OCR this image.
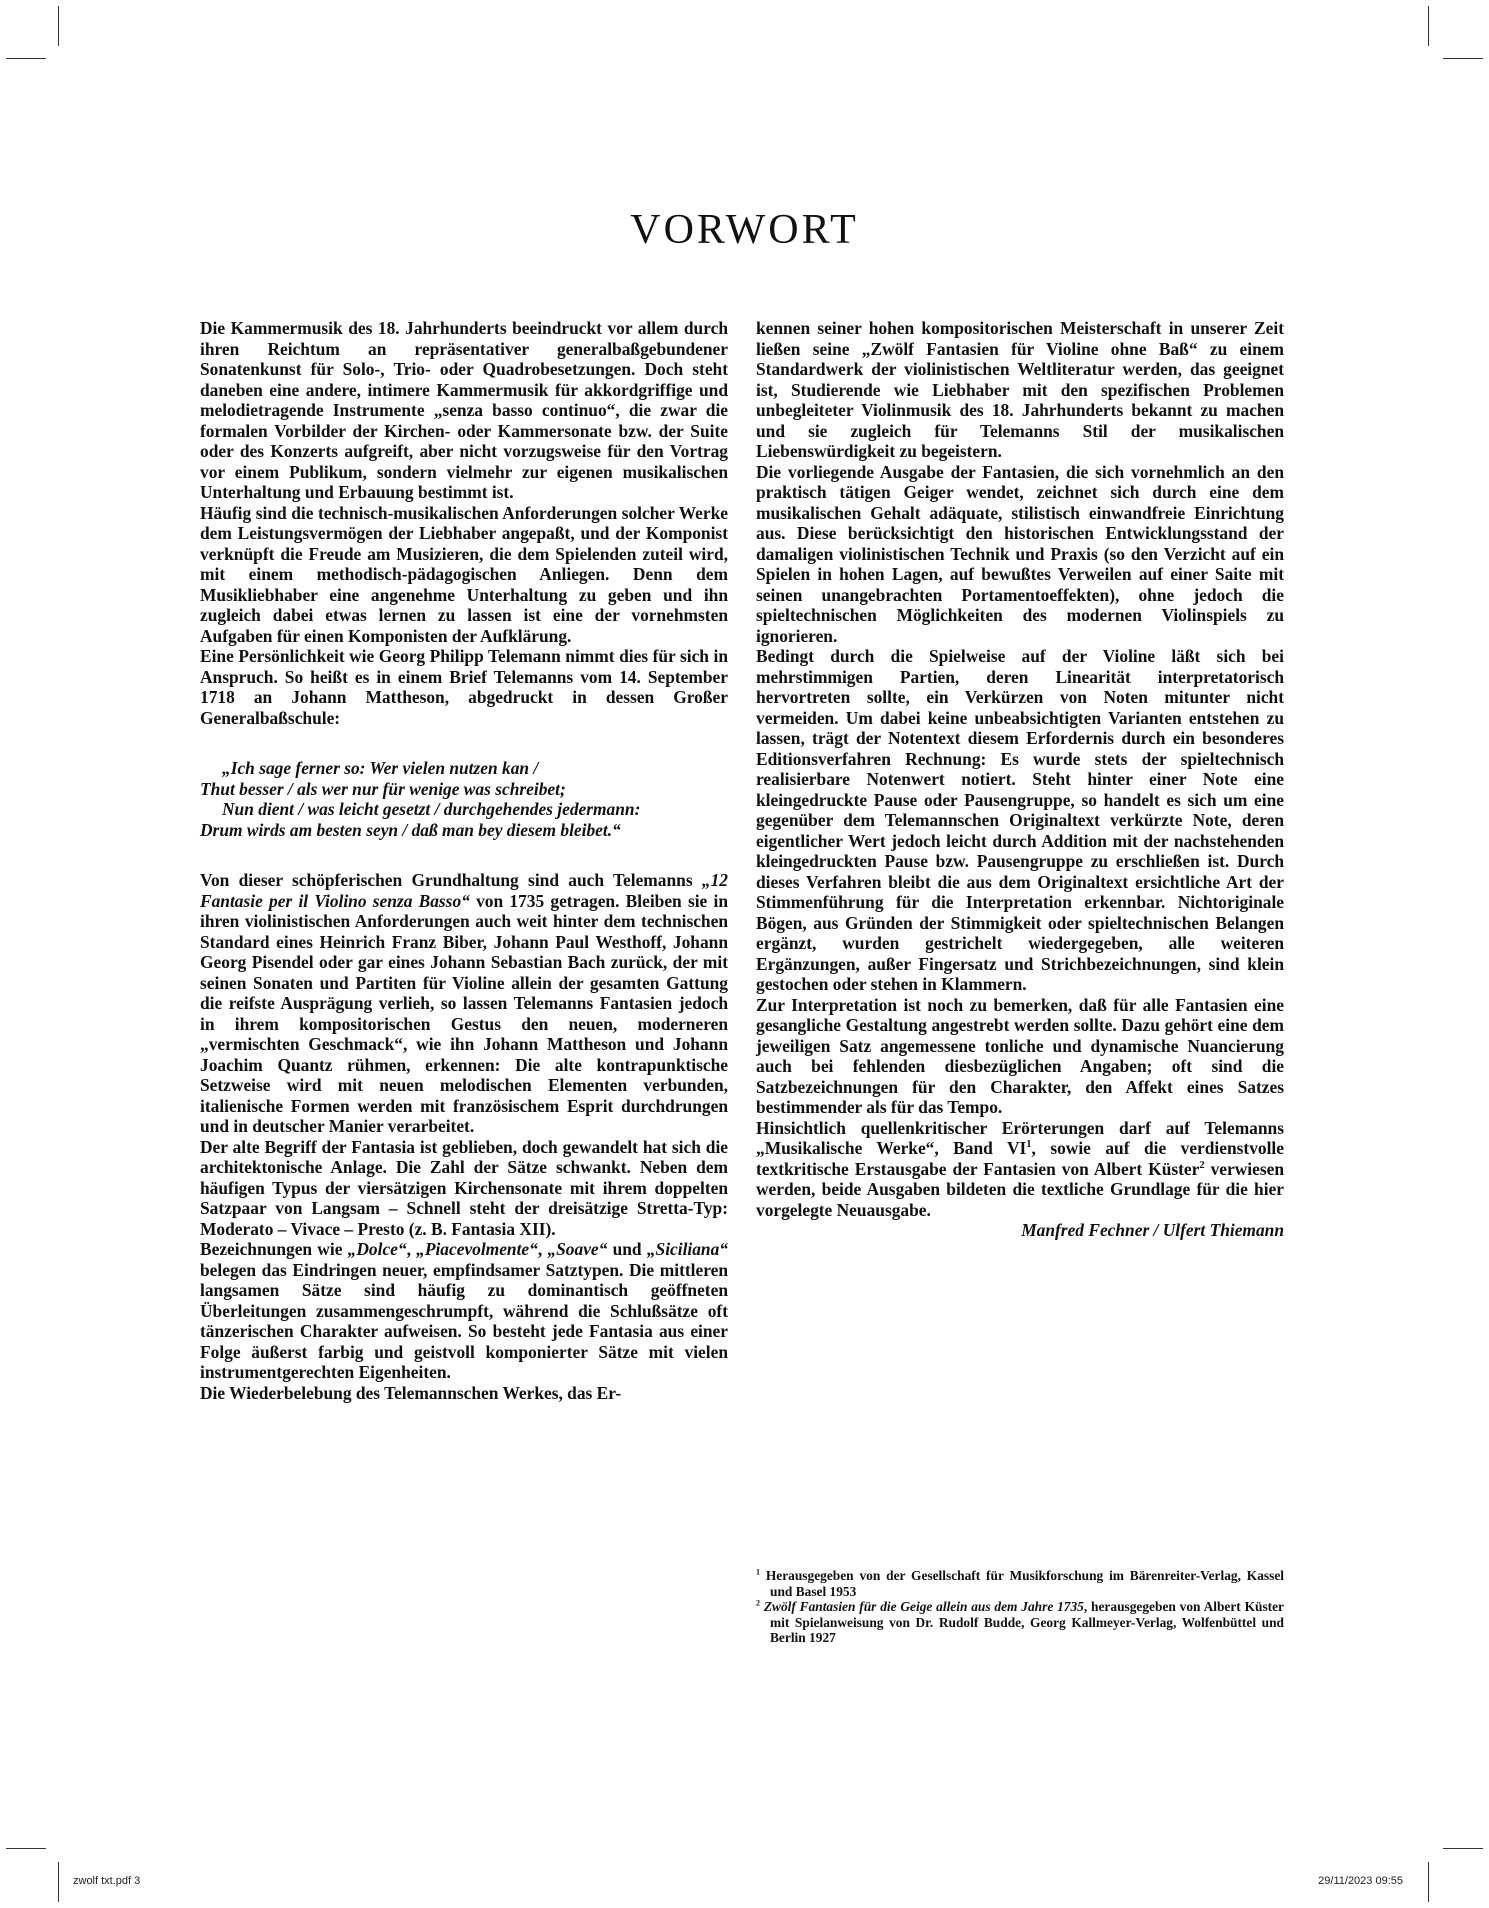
VORWORT

Die Kammermusik des 18. Jahrhunderts beeindruckt vor allem durch ihren Reichtum an repräsentativer generalbaßgebundener Sonatenkunst für Solo-, Trio- oder Quadrobesetzungen. Doch steht daneben eine andere, intimere Kammermusik für akkordgriffige und melodietragende Instrumente „senza basso continuo“, die zwar die formalen Vorbilder der Kirchen- oder Kammersonate bzw. der Suite oder des Konzerts aufgreift, aber nicht vorzugsweise für den Vortrag vor einem Publikum, sondern vielmehr zur eigenen musikalischen Unterhaltung und Erbauung bestimmt ist.

Häufig sind die technisch-musikalischen Anforderungen solcher Werke dem Leistungsvermögen der Liebhaber angepaßt, und der Komponist verknüpft die Freude am Musizieren, die dem Spielenden zuteil wird, mit einem methodisch-pädagogischen Anliegen. Denn dem Musikliebhaber eine angenehme Unterhaltung zu geben und ihn zugleich dabei etwas lernen zu lassen ist eine der vornehmsten Aufgaben für einen Komponisten der Aufklärung.

Eine Persönlichkeit wie Georg Philipp Telemann nimmt dies für sich in Anspruch. So heißt es in einem Brief Telemanns vom 14. September 1718 an Johann Mattheson, abgedruckt in dessen Großer Generalbaßschule:

„Ich sage ferner so: Wer vielen nutzen kan /
Thut besser / als wer nur für wenige was schreibet;
Nun dient / was leicht gesetzt / durchgehendes jedermann:
Drum wirds am besten seyn / daß man bey diesem bleibet.“

Von dieser schöpferischen Grundhaltung sind auch Telemanns „12 Fantasie per il Violino senza Basso“ von 1735 getragen. Bleiben sie in ihren violinistischen Anforderungen auch weit hinter dem technischen Standard eines Heinrich Franz Biber, Johann Paul Westhoff, Johann Georg Pisendel oder gar eines Johann Sebastian Bach zurück, der mit seinen Sonaten und Partiten für Violine allein der gesamten Gattung die reifste Ausprägung verlieh, so lassen Telemanns Fantasien jedoch in ihrem kompositorischen Gestus den neuen, moderneren „vermischten Geschmack“, wie ihn Johann Mattheson und Johann Joachim Quantz rühmen, erkennen: Die alte kontrapunktische Setzweise wird mit neuen melodischen Elementen verbunden, italienische Formen werden mit französischem Esprit durchdrungen und in deutscher Manier verarbeitet.

Der alte Begriff der Fantasia ist geblieben, doch gewandelt hat sich die architektonische Anlage. Die Zahl der Sätze schwankt. Neben dem häufigen Typus der viersätzigen Kirchensonate mit ihrem doppelten Satzpaar von Langsam – Schnell steht der dreisätzige Stretta-Typ: Moderato – Vivace – Presto (z. B. Fantasia XII).

Bezeichnungen wie „Dolce“, „Piacevolmente“, „Soave“ und „Siciliana“ belegen das Eindringen neuer, empfindsamer Satztypen. Die mittleren langsamen Sätze sind häufig zu dominantisch geöffneten Überleitungen zusammengeschrumpft, während die Schlußsätze oft tänzerischen Charakter aufweisen. So besteht jede Fantasia aus einer Folge äußerst farbig und geistvoll komponierter Sätze mit vielen instrumentgerechten Eigenheiten.

Die Wiederbelebung des Telemannschen Werkes, das Er-

kennen seiner hohen kompositorischen Meisterschaft in unserer Zeit ließen seine „Zwölf Fantasien für Violine ohne Baß“ zu einem Standardwerk der violinistischen Weltliteratur werden, das geeignet ist, Studierende wie Liebhaber mit den spezifischen Problemen unbegleiteter Violinmusik des 18. Jahrhunderts bekannt zu machen und sie zugleich für Telemanns Stil der musikalischen Liebenswürdigkeit zu begeistern.

Die vorliegende Ausgabe der Fantasien, die sich vornehmlich an den praktisch tätigen Geiger wendet, zeichnet sich durch eine dem musikalischen Gehalt adäquate, stilistisch einwandfreie Einrichtung aus. Diese berücksichtigt den historischen Entwicklungsstand der damaligen violinistischen Technik und Praxis (so den Verzicht auf ein Spielen in hohen Lagen, auf bewußtes Verweilen auf einer Saite mit seinen unangebrachten Portamentoeffekten), ohne jedoch die spieltechnischen Möglichkeiten des modernen Violinspiels zu ignorieren.

Bedingt durch die Spielweise auf der Violine läßt sich bei mehrstimmigen Partien, deren Linearität interpretatorisch hervortreten sollte, ein Verkürzen von Noten mitunter nicht vermeiden. Um dabei keine unbeabsichtigten Varianten entstehen zu lassen, trägt der Notentext diesem Erfordernis durch ein besonderes Editionsverfahren Rechnung: Es wurde stets der spieltechnisch realisierbare Notenwert notiert. Steht hinter einer Note eine kleingedruckte Pause oder Pausengruppe, so handelt es sich um eine gegenüber dem Telemannschen Originaltext verkürzte Note, deren eigentlicher Wert jedoch leicht durch Addition mit der nachstehenden kleingedruckten Pause bzw. Pausengruppe zu erschließen ist. Durch dieses Verfahren bleibt die aus dem Originaltext ersichtliche Art der Stimmenführung für die Interpretation erkennbar. Nichtoriginale Bögen, aus Gründen der Stimmigkeit oder spieltechnischen Belangen ergänzt, wurden gestrichelt wiedergegeben, alle weiteren Ergänzungen, außer Fingersatz und Strichbezeichnungen, sind klein gestochen oder stehen in Klammern.

Zur Interpretation ist noch zu bemerken, daß für alle Fantasien eine gesangliche Gestaltung angestrebt werden sollte. Dazu gehört eine dem jeweiligen Satz angemessene tonliche und dynamische Nuancierung auch bei fehlenden diesbezüglichen Angaben; oft sind die Satzbezeichnungen für den Charakter, den Affekt eines Satzes bestimmender als für das Tempo.

Hinsichtlich quellenkritischer Erörterungen darf auf Telemanns „Musikalische Werke“, Band $VI^1$, sowie auf die verdienstvolle textkritische Erstausgabe der Fantasien von Albert Küster$^2$ verwiesen werden, beide Ausgaben bildeten die textliche Grundlage für die hier vorgelegte Neuausgabe.

Manfred Fechner / Ulfert Thiemann

$^1$ Herausgegeben von der Gesellschaft für Musikforschung im Bärenreiter-Verlag, Kassel und Basel 1953

$^2$ Zwölf Fantasien für die Geige allein aus dem Jahre 1735, herausgegeben von Albert Küster mit Spielanweisung von Dr. Rudolf Budde, Georg Kallmeyer-Verlag, Wolfenbüttel und Berlin 1927

zwolf txt.pdf 3	29/11/2023 09:55
